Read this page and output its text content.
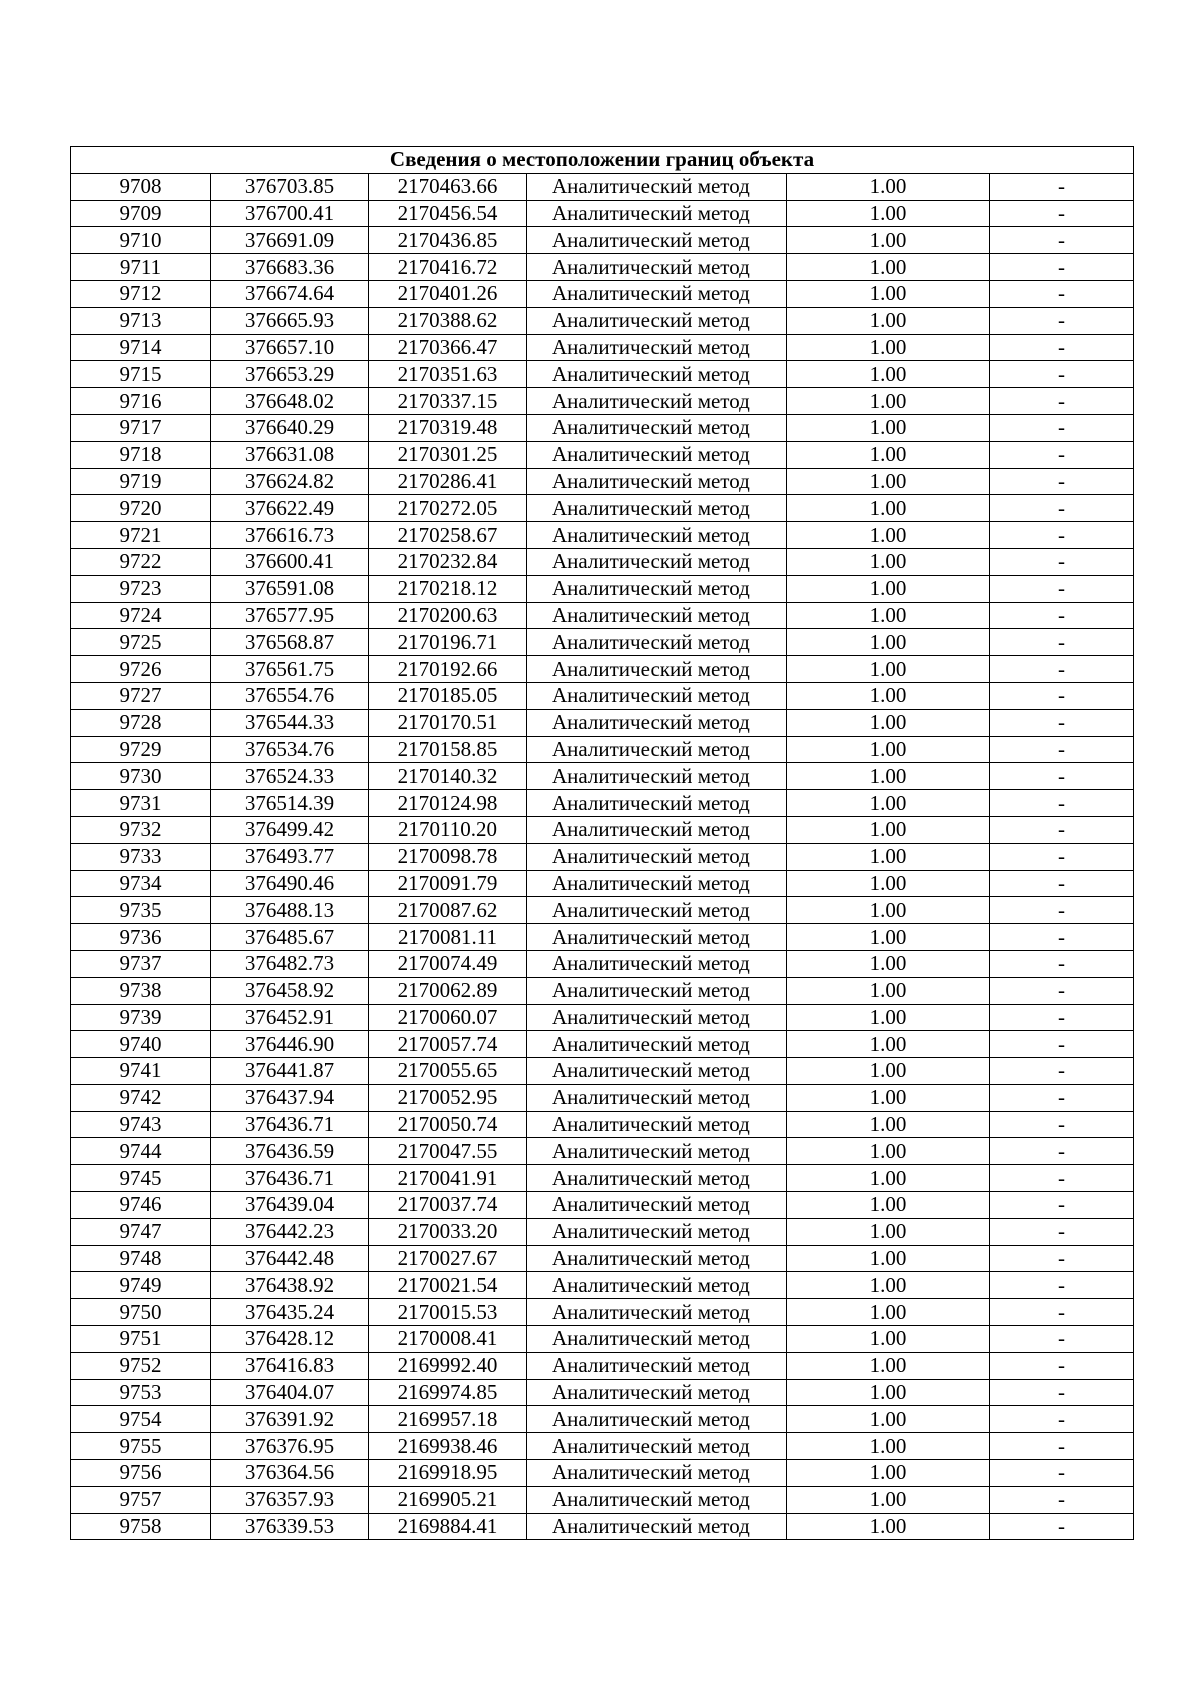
Сведения о местоположении границ объекта					
9708	376703.85	2170463.66	Аналитический метод	1.00	-
9709	376700.41	2170456.54	Аналитический метод	1.00	-
9710	376691.09	2170436.85	Аналитический метод	1.00	-
9711	376683.36	2170416.72	Аналитический метод	1.00	-
9712	376674.64	2170401.26	Аналитический метод	1.00	-
9713	376665.93	2170388.62	Аналитический метод	1.00	-
9714	376657.10	2170366.47	Аналитический метод	1.00	-
9715	376653.29	2170351.63	Аналитический метод	1.00	-
9716	376648.02	2170337.15	Аналитический метод	1.00	-
9717	376640.29	2170319.48	Аналитический метод	1.00	-
9718	376631.08	2170301.25	Аналитический метод	1.00	-
9719	376624.82	2170286.41	Аналитический метод	1.00	-
9720	376622.49	2170272.05	Аналитический метод	1.00	-
9721	376616.73	2170258.67	Аналитический метод	1.00	-
9722	376600.41	2170232.84	Аналитический метод	1.00	-
9723	376591.08	2170218.12	Аналитический метод	1.00	-
9724	376577.95	2170200.63	Аналитический метод	1.00	-
9725	376568.87	2170196.71	Аналитический метод	1.00	-
9726	376561.75	2170192.66	Аналитический метод	1.00	-
9727	376554.76	2170185.05	Аналитический метод	1.00	-
9728	376544.33	2170170.51	Аналитический метод	1.00	-
9729	376534.76	2170158.85	Аналитический метод	1.00	-
9730	376524.33	2170140.32	Аналитический метод	1.00	-
9731	376514.39	2170124.98	Аналитический метод	1.00	-
9732	376499.42	2170110.20	Аналитический метод	1.00	-
9733	376493.77	2170098.78	Аналитический метод	1.00	-
9734	376490.46	2170091.79	Аналитический метод	1.00	-
9735	376488.13	2170087.62	Аналитический метод	1.00	-
9736	376485.67	2170081.11	Аналитический метод	1.00	-
9737	376482.73	2170074.49	Аналитический метод	1.00	-
9738	376458.92	2170062.89	Аналитический метод	1.00	-
9739	376452.91	2170060.07	Аналитический метод	1.00	-
9740	376446.90	2170057.74	Аналитический метод	1.00	-
9741	376441.87	2170055.65	Аналитический метод	1.00	-
9742	376437.94	2170052.95	Аналитический метод	1.00	-
9743	376436.71	2170050.74	Аналитический метод	1.00	-
9744	376436.59	2170047.55	Аналитический метод	1.00	-
9745	376436.71	2170041.91	Аналитический метод	1.00	-
9746	376439.04	2170037.74	Аналитический метод	1.00	-
9747	376442.23	2170033.20	Аналитический метод	1.00	-
9748	376442.48	2170027.67	Аналитический метод	1.00	-
9749	376438.92	2170021.54	Аналитический метод	1.00	-
9750	376435.24	2170015.53	Аналитический метод	1.00	-
9751	376428.12	2170008.41	Аналитический метод	1.00	-
9752	376416.83	2169992.40	Аналитический метод	1.00	-
9753	376404.07	2169974.85	Аналитический метод	1.00	-
9754	376391.92	2169957.18	Аналитический метод	1.00	-
9755	376376.95	2169938.46	Аналитический метод	1.00	-
9756	376364.56	2169918.95	Аналитический метод	1.00	-
9757	376357.93	2169905.21	Аналитический метод	1.00	-
9758	376339.53	2169884.41	Аналитический метод	1.00	-
